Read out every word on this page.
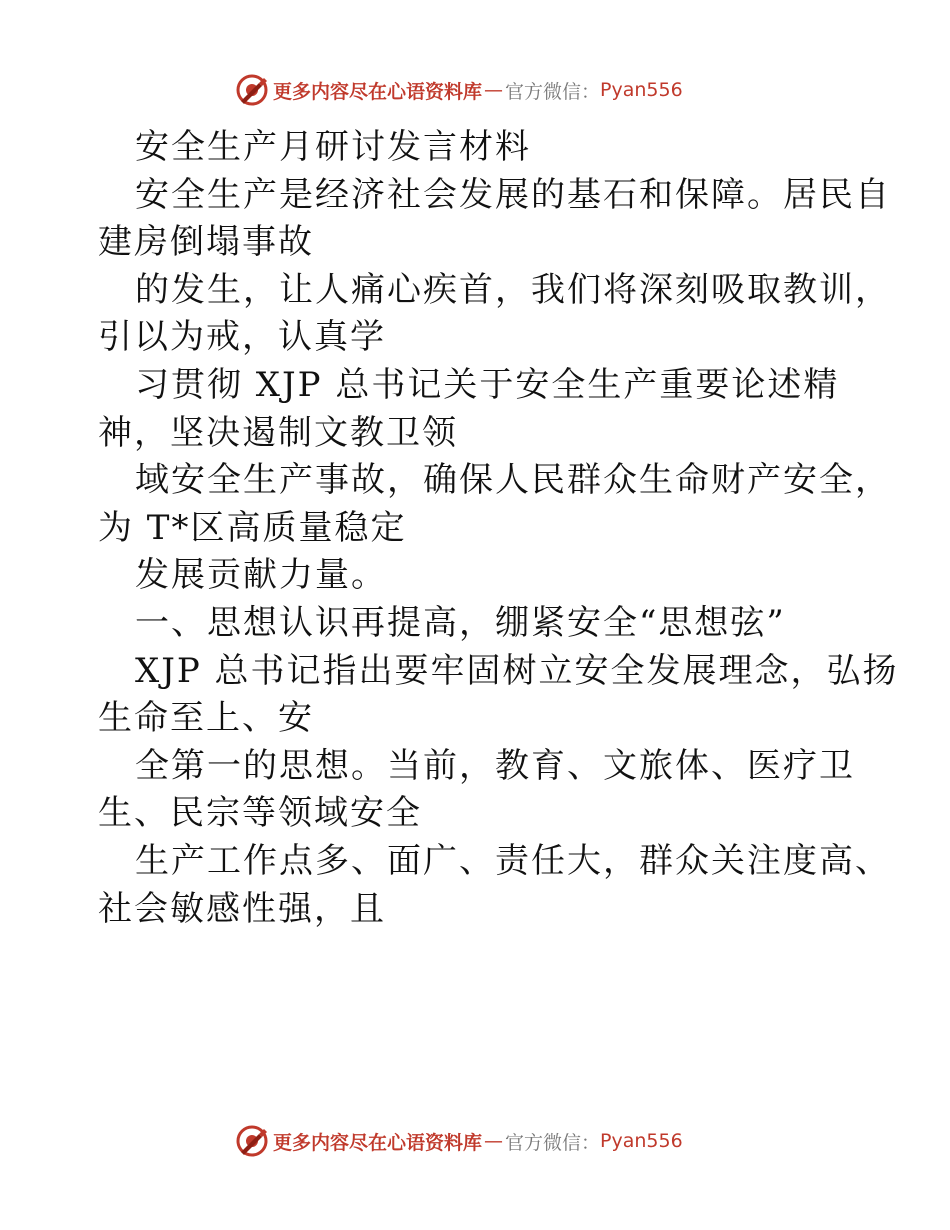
更多内容尽在心语资料库 — 官方微信： Pyan556
安全生产月研讨发言材料
安全生产是经济社会发展的基石和保障。居民自
建房倒塌事故
的发生，让人痛心疾首，我们将深刻吸取教训，
引以为戒，认真学
习贯彻 XJP 总书记关于安全生产重要论述精
神，坚决遏制文教卫领
域安全生产事故，确保人民群众生命财产安全，
为 T*区高质量稳定
发展贡献力量。
一、思想认识再提高，绷紧安全“思想弦”
XJP 总书记指出要牢固树立安全发展理念，弘扬
生命至上、安
全第一的思想。当前，教育、文旅体、医疗卫
生、民宗等领域安全
生产工作点多、面广、责任大，群众关注度高、
社会敏感性强，且
更多内容尽在心语资料库 — 官方微信： Pyan556
